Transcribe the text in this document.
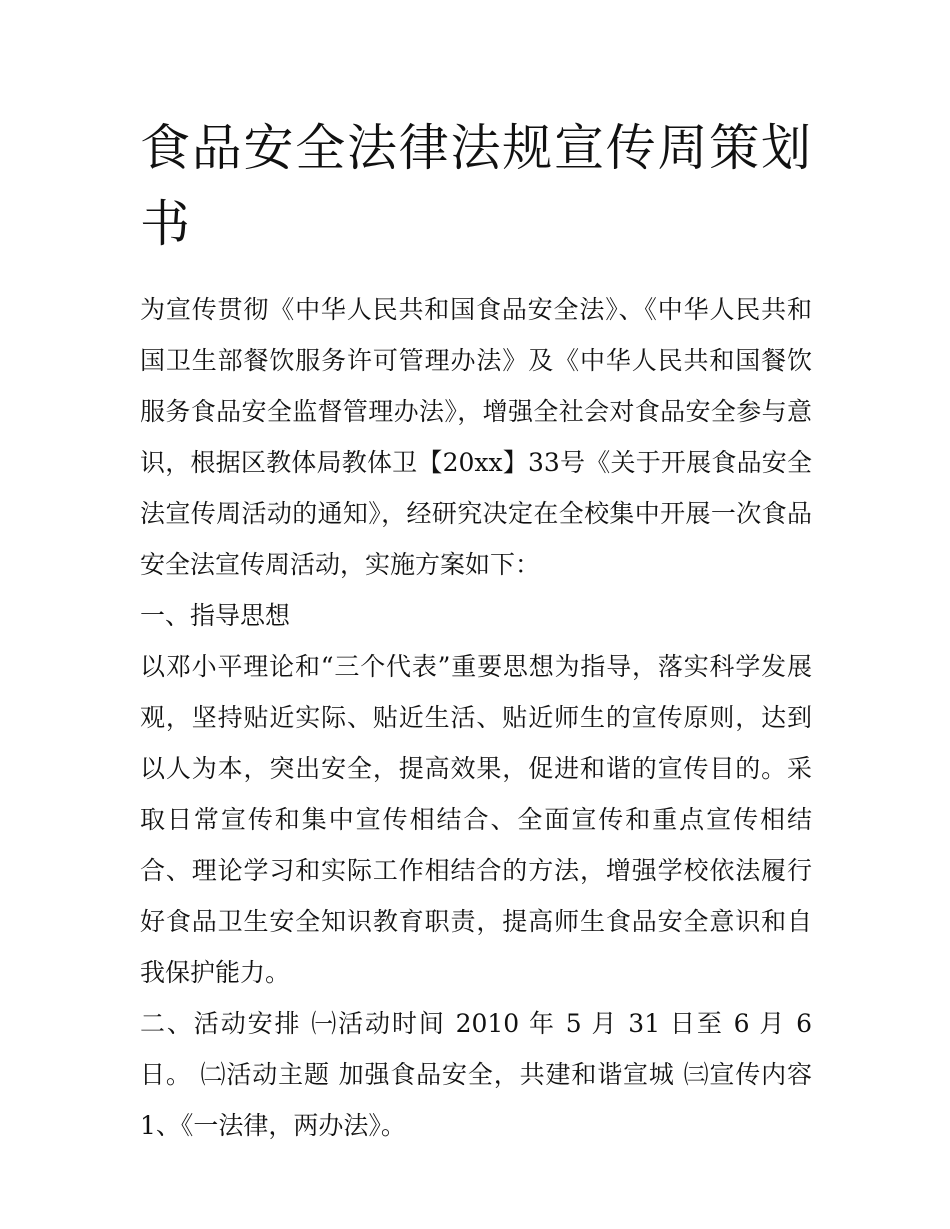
食品安全法律法规宣传周策划书

为宣传贯彻《中华人民共和国食品安全法》、《中华人民共和国卫生部餐饮服务许可管理办法》及《中华人民共和国餐饮服务食品安全监督管理办法》，增强全社会对食品安全参与意识，根据区教体局教体卫【20xx】33号《关于开展食品安全法宣传周活动的通知》，经研究决定在全校集中开展一次食品安全法宣传周活动，实施方案如下：

一、指导思想

以邓小平理论和“三个代表”重要思想为指导，落实科学发展观，坚持贴近实际、贴近生活、贴近师生的宣传原则，达到以人为本，突出安全，提高效果，促进和谐的宣传目的。采取日常宣传和集中宣传相结合、全面宣传和重点宣传相结合、理论学习和实际工作相结合的方法，增强学校依法履行好食品卫生安全知识教育职责，提高师生食品安全意识和自我保护能力。

二、活动安排 ㈠活动时间 2010 年 5 月 31 日至 6 月 6 日。 ㈡活动主题 加强食品安全，共建和谐宣城 ㈢宣传内容 1、《一法律，两办法》。
